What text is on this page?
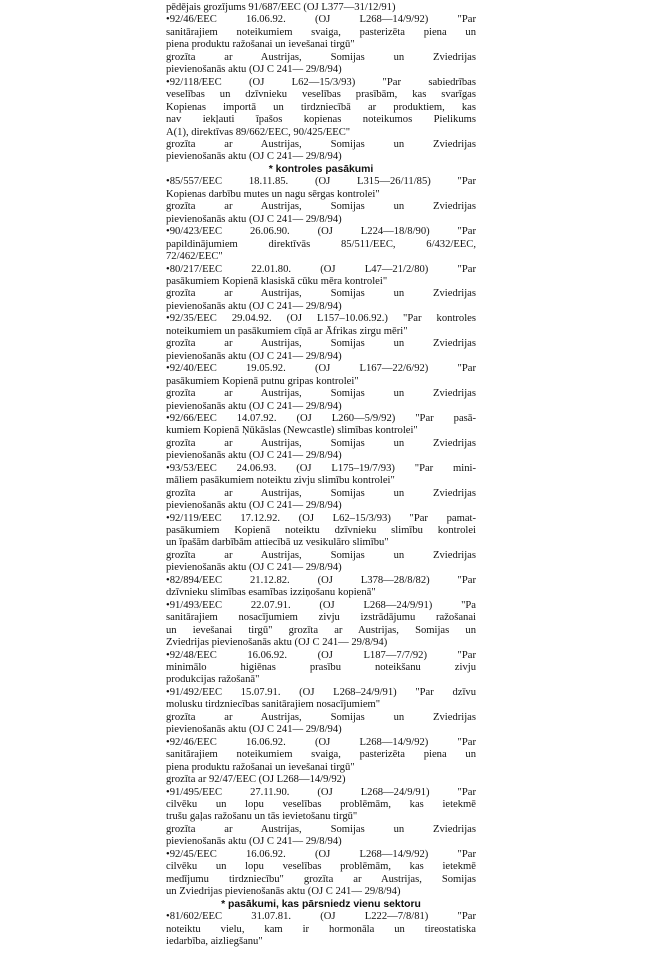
pēdējais grozījums 91/687/EEC (OJ L377—31/12/91)
•92/46/EEC 16.06.92. (OJ L268—14/9/92) "Par
sanitārajiem noteikumiem svaiga, pasterizēta piena un
piena produktu ražošanai un ievešanai tirgū"
grozīta ar Austrijas, Somijas un Zviedrijas
pievienošanās aktu (OJ C 241— 29/8/94)
•92/118/EEC (OJ L62—15/3/93) "Par sabiedrības
veselības un dzīvnieku veselības prasībām, kas svarīgas
Kopienas importā un tirdzniecībā ar produktiem, kas
nav iekļauti īpašos kopienas noteikumos Pielikums
A(1), direktīvas 89/662/EEC, 90/425/EEC"
grozīta ar Austrijas, Somijas un Zviedrijas
pievienošanās aktu (OJ C 241— 29/8/94)
* kontroles pasākumi
•85/557/EEC 18.11.85. (OJ L315—26/11/85) "Par
Kopienas darbību mutes un nagu sērgas kontrolei"
grozīta ar Austrijas, Somijas un Zviedrijas
pievienošanās aktu (OJ C 241— 29/8/94)
•90/423/EEC 26.06.90. (OJ L224—18/8/90) "Par
papildinājumiem direktīvās 85/511/EEC, 6/432/EEC,
72/462/EEC"
•80/217/EEC 22.01.80. (OJ L47—21/2/80) "Par
pasākumiem Kopienā klasiskā cūku mēra kontrolei"
grozīta ar Austrijas, Somijas un Zviedrijas
pievienošanās aktu (OJ C 241— 29/8/94)
•92/35/EEC 29.04.92. (OJ L157–10.06.92.) "Par kontroles
noteikumiem un pasākumiem cīņā ar Āfrikas zirgu mēri"
grozīta ar Austrijas, Somijas un Zviedrijas
pievienošanās aktu (OJ C 241— 29/8/94)
•92/40/EEC 19.05.92. (OJ L167—22/6/92) "Par
pasākumiem Kopienā putnu gripas kontrolei"
grozīta ar Austrijas, Somijas un Zviedrijas
pievienošanās aktu (OJ C 241— 29/8/94)
•92/66/EEC 14.07.92. (OJ L260—5/9/92) "Par pasā-
kumiem Kopienā Ņūkāslas (Newcastle) slimības kontrolei"
grozīta ar Austrijas, Somijas un Zviedrijas
pievienošanās aktu (OJ C 241— 29/8/94)
•93/53/EEC 24.06.93. (OJ L175–19/7/93) "Par mini-
māliem pasākumiem noteiktu zivju slimību kontrolei"
grozīta ar Austrijas, Somijas un Zviedrijas
pievienošanās aktu (OJ C 241— 29/8/94)
•92/119/EEC 17.12.92. (OJ L62–15/3/93) "Par pamat-
pasākumiem Kopienā noteiktu dzīvnieku slimību kontrolei
un īpašām darbībām attiecībā uz vesikulāro slimību"
grozīta ar Austrijas, Somijas un Zviedrijas
pievienošanās aktu (OJ C 241— 29/8/94)
•82/894/EEC 21.12.82. (OJ L378—28/8/82) "Par
dzīvnieku slimības esamības izziņošanu kopienā"
•91/493/EEC 22.07.91. (OJ L268—24/9/91) "Pa
sanitārajiem nosacījumiem zivju izstrādājumu ražošanai
un ievešanai tirgū" grozīta ar Austrijas, Somijas un
Zviedrijas pievienošanās aktu (OJ C 241— 29/8/94)
•92/48/EEC 16.06.92. (OJ L187—7/7/92) "Par
minimālo higiēnas prasību noteikšanu zivju
produkcijas ražošanā"
•91/492/EEC 15.07.91. (OJ L268–24/9/91) "Par dzīvu
molusku tirdzniecības sanitārajiem nosacījumiem"
grozīta ar Austrijas, Somijas un Zviedrijas
pievienošanās aktu (OJ C 241— 29/8/94)
•92/46/EEC 16.06.92. (OJ L268—14/9/92) "Par
sanitārajiem noteikumiem svaiga, pasterizēta piena un
piena produktu ražošanai un ievešanai tirgū"
grozīta ar 92/47/EEC (OJ L268—14/9/92)
•91/495/EEC 27.11.90. (OJ L268—24/9/91) "Par
cilvēku un lopu veselības problēmām, kas ietekmē
trušu gaļas ražošanu un tās ievietošanu tirgū"
grozīta ar Austrijas, Somijas un Zviedrijas
pievienošanās aktu (OJ C 241— 29/8/94)
•92/45/EEC 16.06.92. (OJ L268—14/9/92) "Par
cilvēku un lopu veselības problēmām, kas ietekmē
medījumu tirdzniecību" grozīta ar Austrijas, Somijas
un Zviedrijas pievienošanās aktu (OJ C 241— 29/8/94)
* pasākumi, kas pārsniedz vienu sektoru
•81/602/EEC 31.07.81. (OJ L222—7/8/81) "Par
noteiktu vielu, kam ir hormonāla un tireostatiska
iedarbība, aizliegšanu"
